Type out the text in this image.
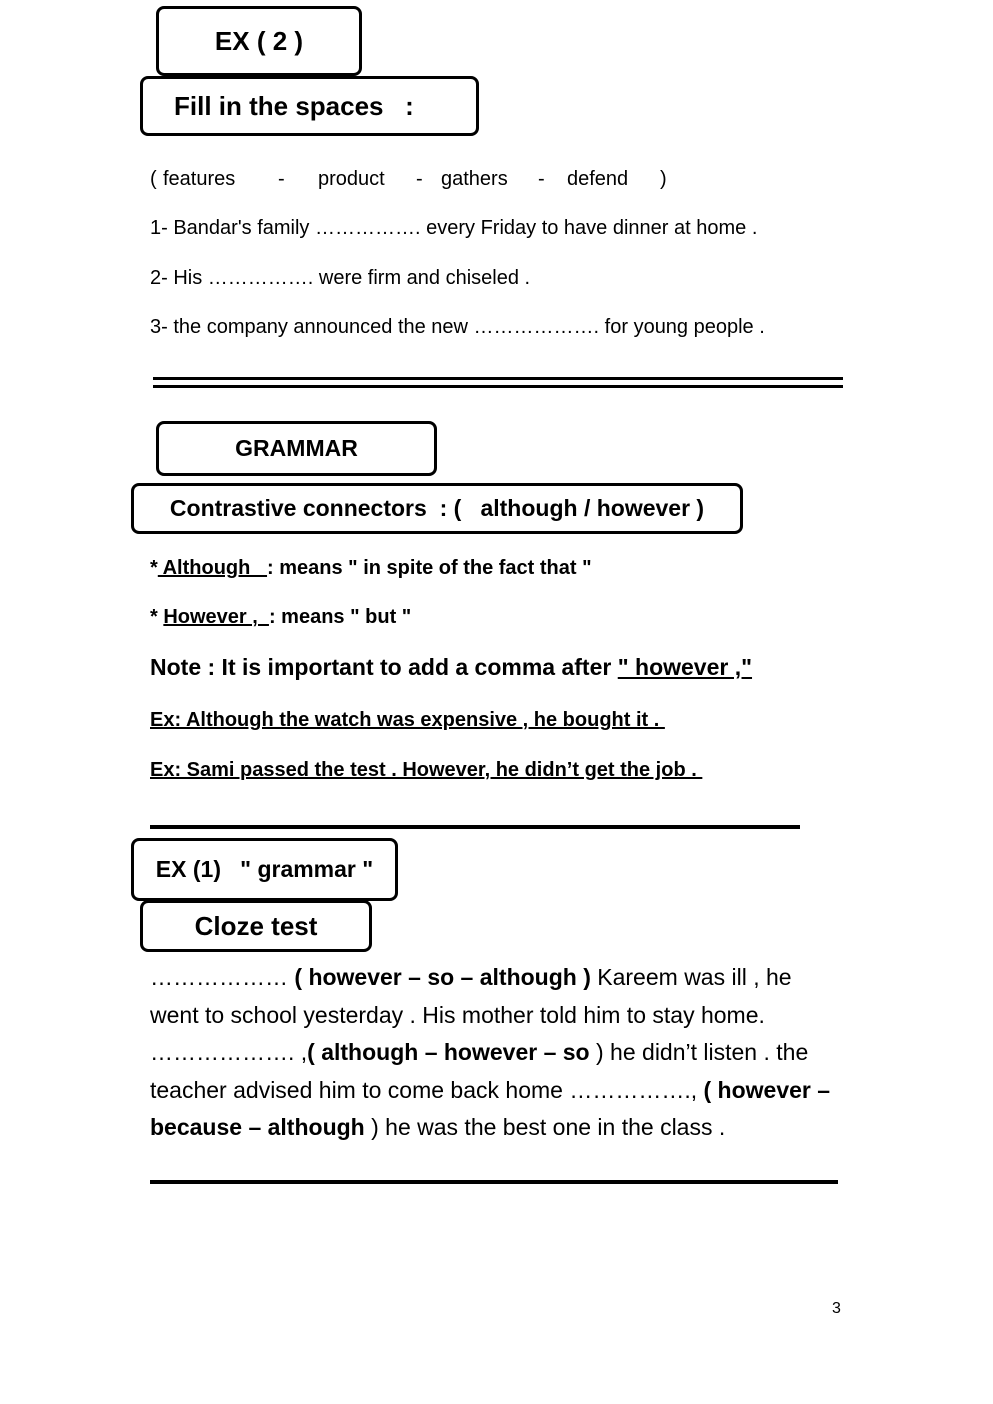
EX ( 2 )
Fill in the spaces   :
( features - product - gathers - defend )
1- Bandar's family ……………. every Friday to have dinner at home .
2- His ……………. were firm and chiseled .
3- the company announced the new ………………. for young people .
GRAMMAR
Contrastive connectors  : (   although / however )
* Although   : means " in spite of the fact that "
* However ,  : means " but "
Note : It is important to add a comma after " however ,"
Ex: Although the watch was expensive , he bought it .
Ex: Sami passed the test . However, he didn’t get the job .
EX (1)   " grammar "
Cloze test
……………… ( however – so – although ) Kareem was ill , he went to school yesterday . His mother told him to stay home. ………………. ,( although – however – so ) he didn’t listen . the teacher advised him to come back home ……………., ( however – because – although ) he was the best one in the class .
3
